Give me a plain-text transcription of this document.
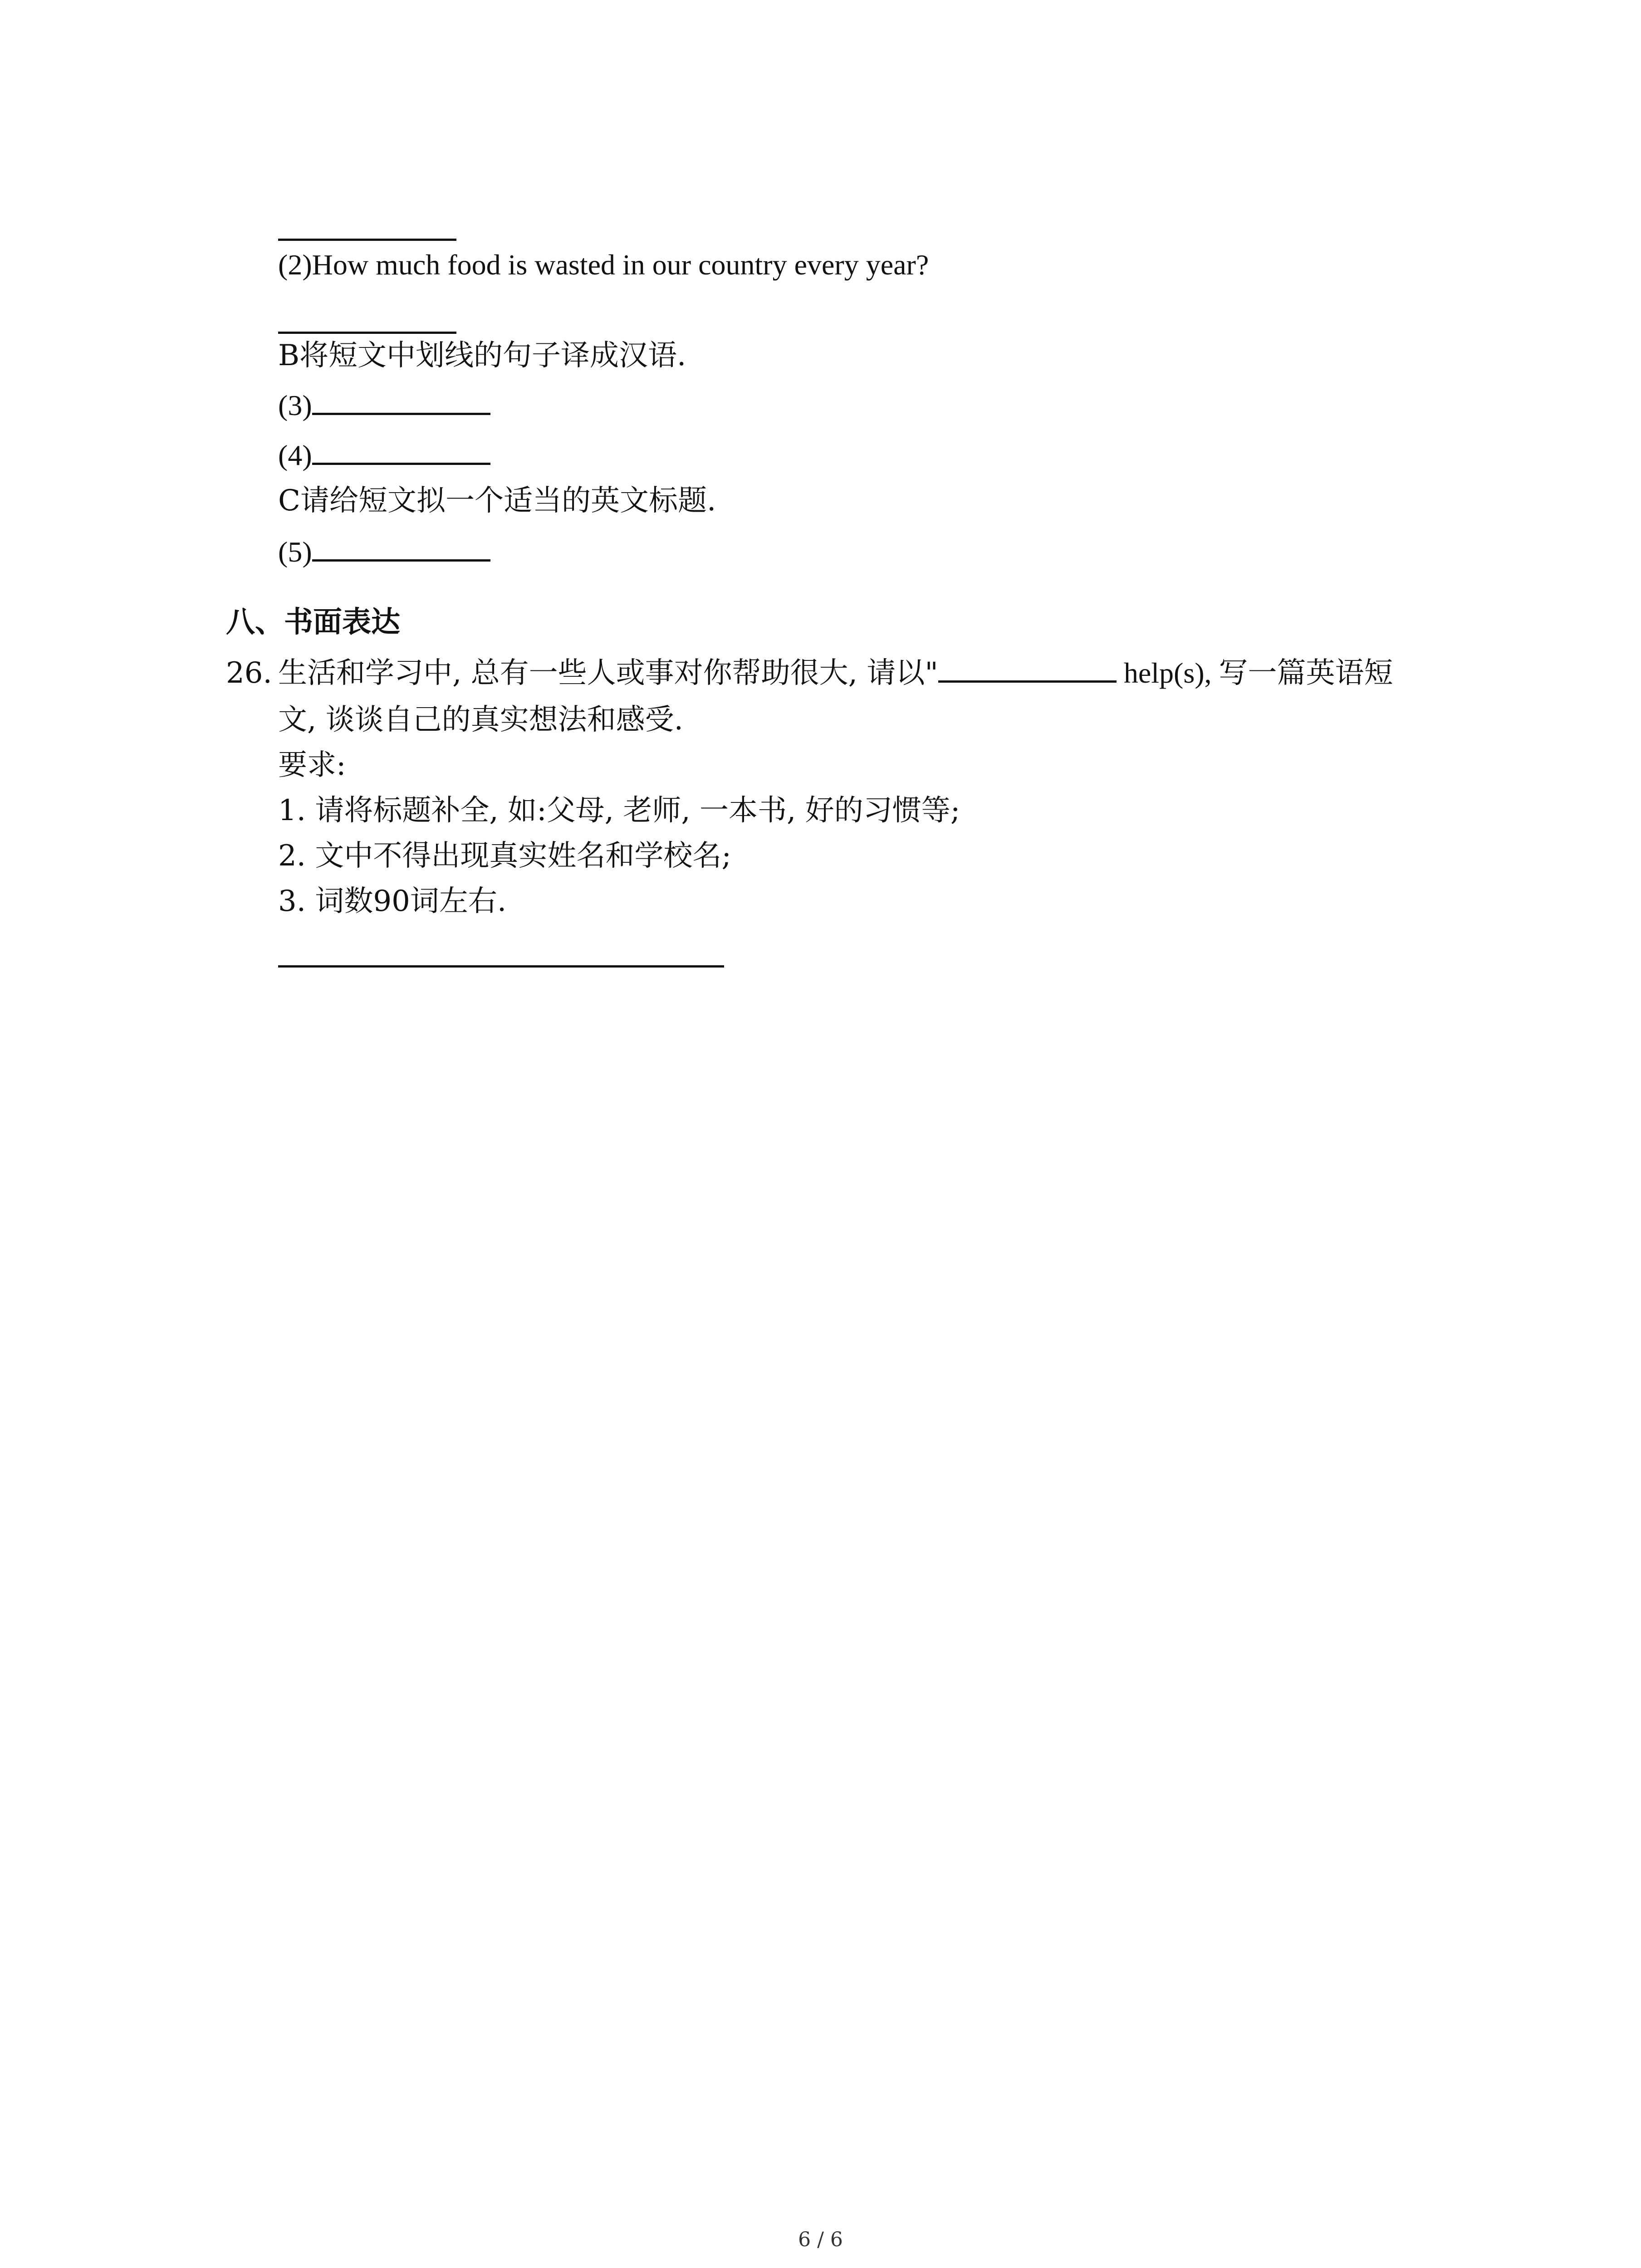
(2)How much food is wasted in our country every year?
B将短文中划线的句子译成汉语.
(3)
(4)
C请给短文拟一个适当的英文标题.
(5)
八、书面表达
26. 生活和学习中, 总有一些人或事对你帮助很大, 请以"	help(s), 写一篇英语短
文, 谈谈自己的真实想法和感受.
要求:
1. 请将标题补全, 如:父母, 老师, 一本书, 好的习惯等;
2. 文中不得出现真实姓名和学校名;
3. 词数90词左右.
6 / 6
